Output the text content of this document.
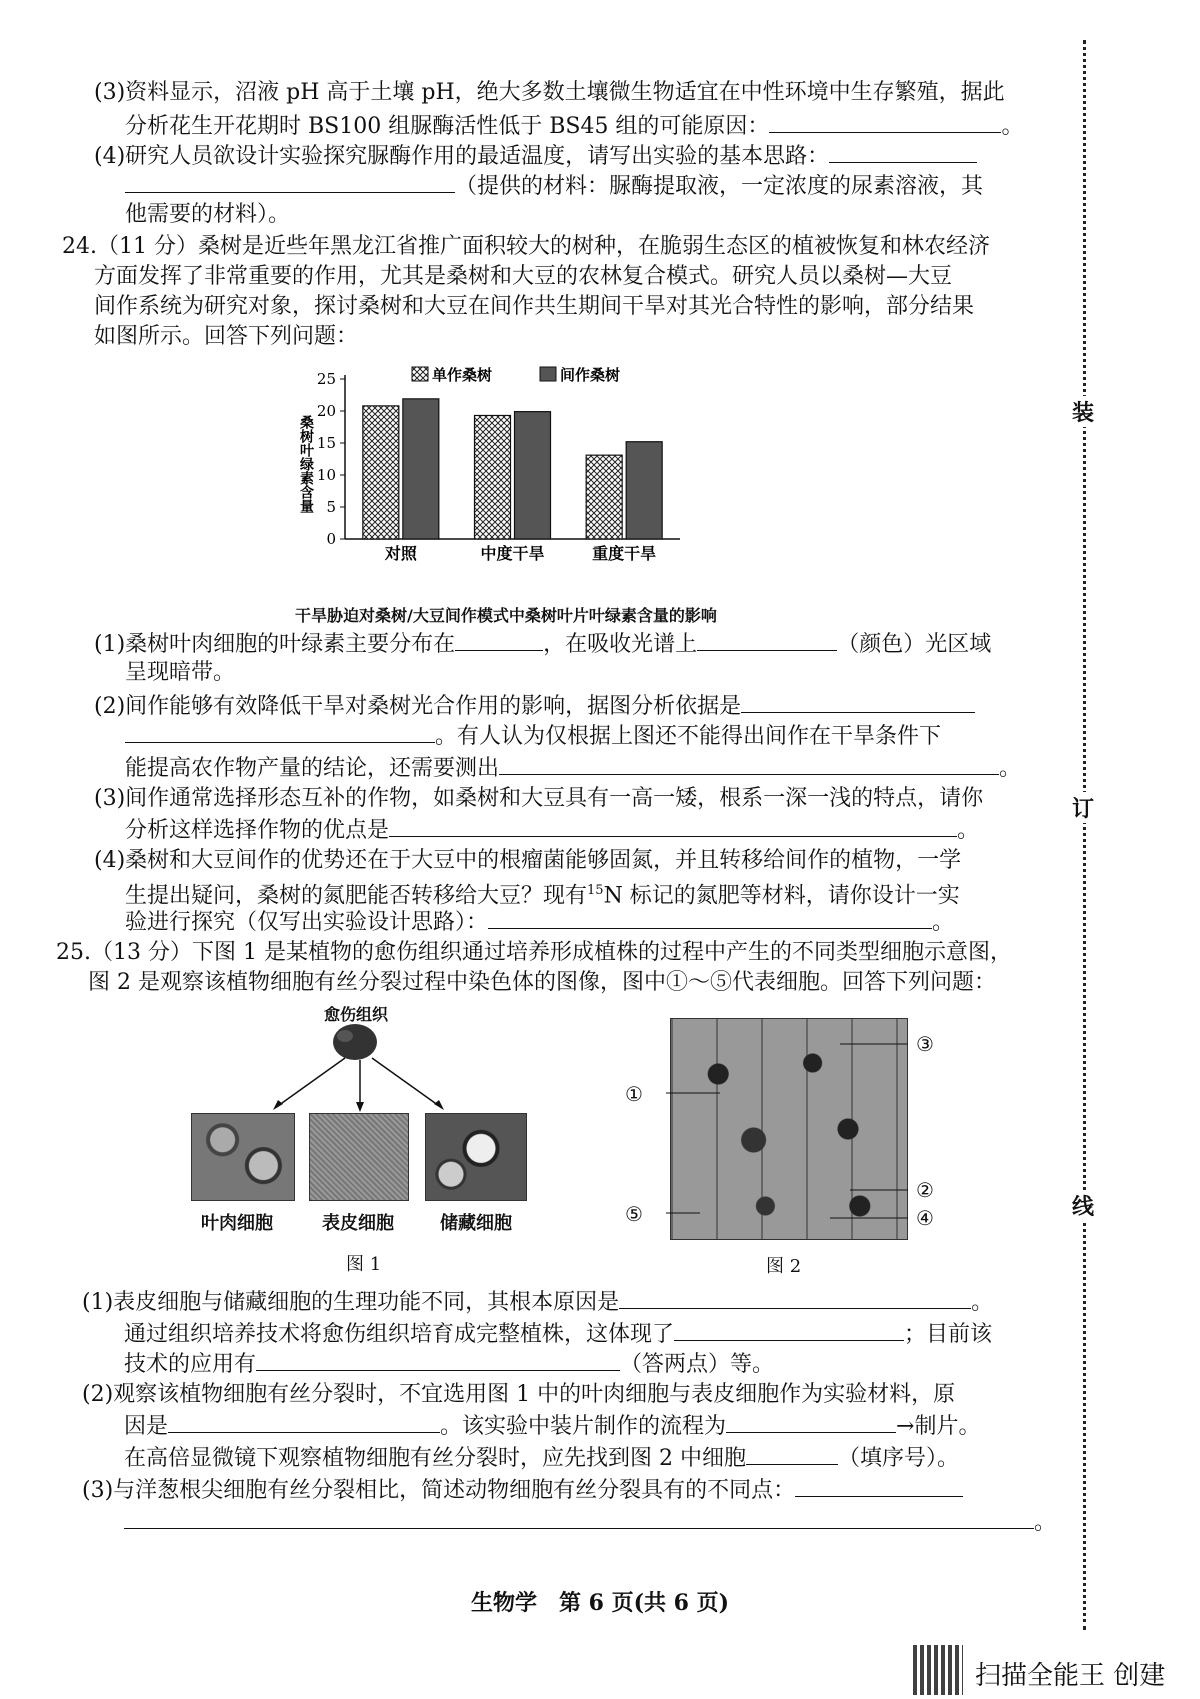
(3)资料显示，沼液 pH 高于土壤 pH，绝大多数土壤微生物适宜在中性环境中生存繁殖，据此
分析花生开花期时 BS100 组脲酶活性低于 BS45 组的可能原因：	。
(4)研究人员欲设计实验探究脲酶作用的最适温度，请写出实验的基本思路：
（提供的材料：脲酶提取液，一定浓度的尿素溶液，其
他需要的材料）。
24.（11 分）桑树是近些年黑龙江省推广面积较大的树种，在脆弱生态区的植被恢复和林农经济
方面发挥了非常重要的作用，尤其是桑树和大豆的农林复合模式。研究人员以桑树—大豆
间作系统为研究对象，探讨桑树和大豆在间作共生期间干旱对其光合特性的影响，部分结果
如图所示。回答下列问题：
0
5
10
15
20
25
桑树叶绿素含量
对照	中度干旱	重度干旱
单作桑树	间作桑树
干旱胁迫对桑树/大豆间作模式中桑树叶片叶绿素含量的影响
(1)桑树叶肉细胞的叶绿素主要分布在	，在吸收光谱上	（颜色）光区域
呈现暗带。
(2)间作能够有效降低干旱对桑树光合作用的影响，据图分析依据是
。有人认为仅根据上图还不能得出间作在干旱条件下
能提高农作物产量的结论，还需要测出	。
(3)间作通常选择形态互补的作物，如桑树和大豆具有一高一矮，根系一深一浅的特点，请你
分析这样选择作物的优点是	。
(4)桑树和大豆间作的优势还在于大豆中的根瘤菌能够固氮，并且转移给间作的植物，一学
生提出疑问，桑树的氮肥能否转移给大豆？现有$^{15}$N 标记的氮肥等材料，请你设计一实
验进行探究（仅写出实验设计思路）：	。
25.（13 分）下图 1 是某植物的愈伤组织通过培养形成植株的过程中产生的不同类型细胞示意图，
图 2 是观察该植物细胞有丝分裂过程中染色体的图像，图中①～⑤代表细胞。回答下列问题：
愈伤组织
叶肉细胞	表皮细胞	储藏细胞
图 1
①
②
③
④
⑤
图 2
(1)表皮细胞与储藏细胞的生理功能不同，其根本原因是	。
通过组织培养技术将愈伤组织培育成完整植株，这体现了	；目前该
技术的应用有	（答两点）等。
(2)观察该植物细胞有丝分裂时，不宜选用图 1 中的叶肉细胞与表皮细胞作为实验材料，原
因是	。该实验中装片制作的流程为	→制片。
在高倍显微镜下观察植物细胞有丝分裂时，应先找到图 2 中细胞	（填序号）。
(3)与洋葱根尖细胞有丝分裂相比，简述动物细胞有丝分裂具有的不同点：
。
装
订
线
生物学　第 6 页(共 6 页)
扫描全能王 创建
